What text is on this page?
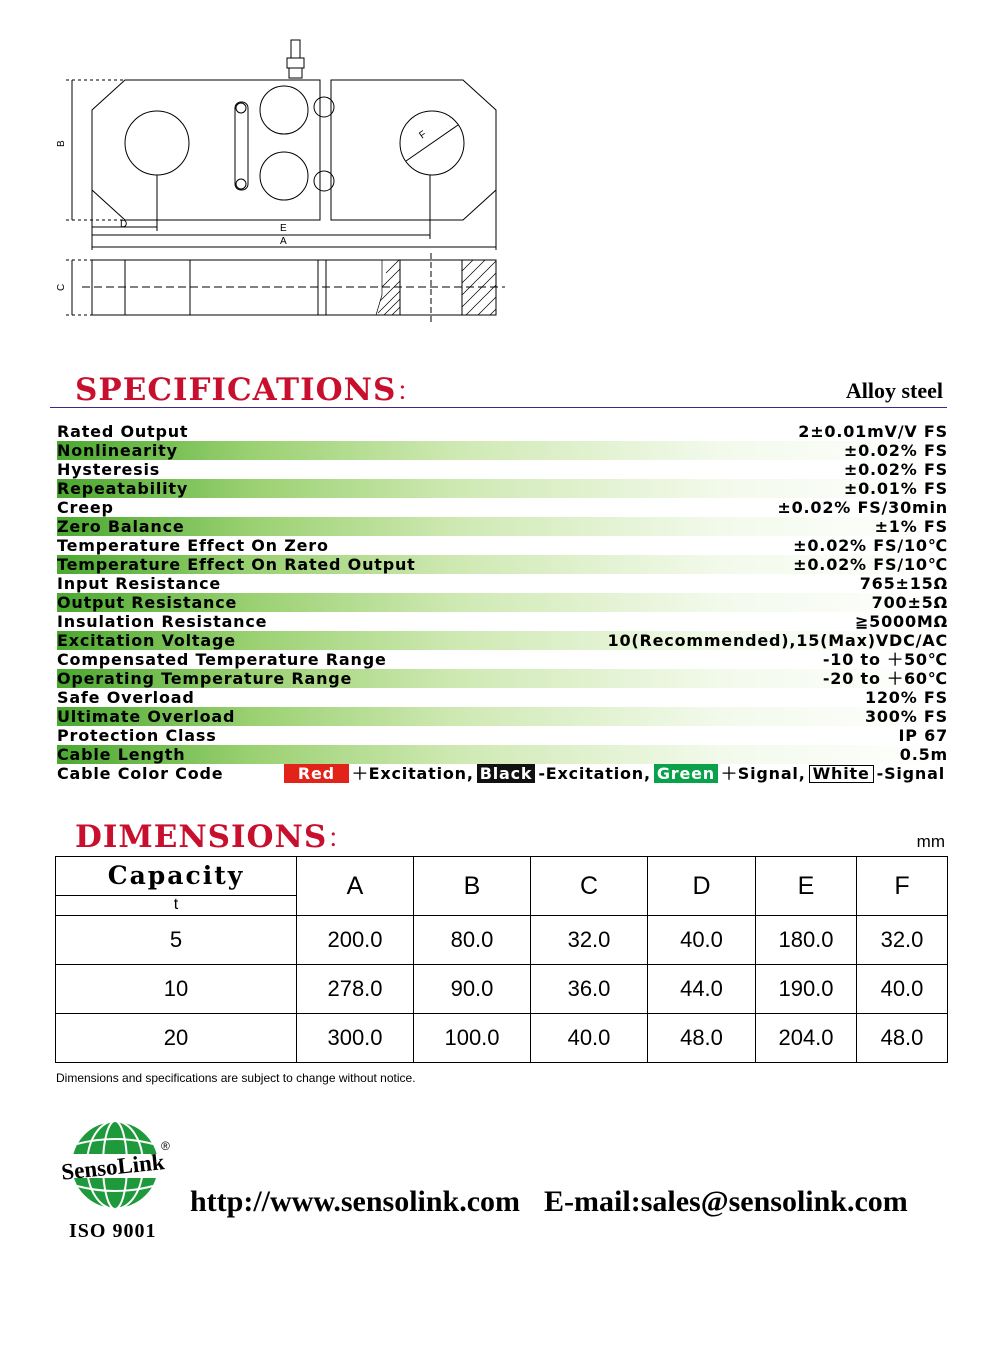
B
D	E
A
C
F
SPECIFICATIONS：	Alloy steel
Rated Output	2±0.01mV/V FS
Nonlinearity	±0.02% FS
Hysteresis	±0.02% FS
Repeatability	±0.01% FS
Creep	±0.02% FS/30min
Zero Balance	±1% FS
Temperature Effect On Zero	±0.02% FS/10℃
Temperature Effect On Rated Output	±0.02% FS/10℃
Input Resistance	765±15Ω
Output Resistance	700±5Ω
Insulation Resistance	≧5000MΩ
Excitation Voltage	10(Recommended),15(Max)VDC/AC
Compensated Temperature Range	-10 to ＋50℃
Operating Temperature Range	-20 to ＋60℃
Safe Overload	120% FS
Ultimate Overload	300% FS
Protection Class	IP 67
Cable Length	0.5m
Cable Color Code	Red	＋Excitation, Black -Excitation, Green ＋Signal, White -Signal
DIMENSIONS：	mm
Capacity
t	A	B	C	D	E	F
5	200.0	80.0	32.0	40.0	180.0	32.0
10	278.0	90.0	36.0	44.0	190.0	40.0
20	300.0	100.0	40.0	48.0	204.0	48.0
Dimensions and specifications are subject to change without notice.
SensoLink
®
ISO 9001
http://www.sensolink.com E-mail:sales@sensolink.com
